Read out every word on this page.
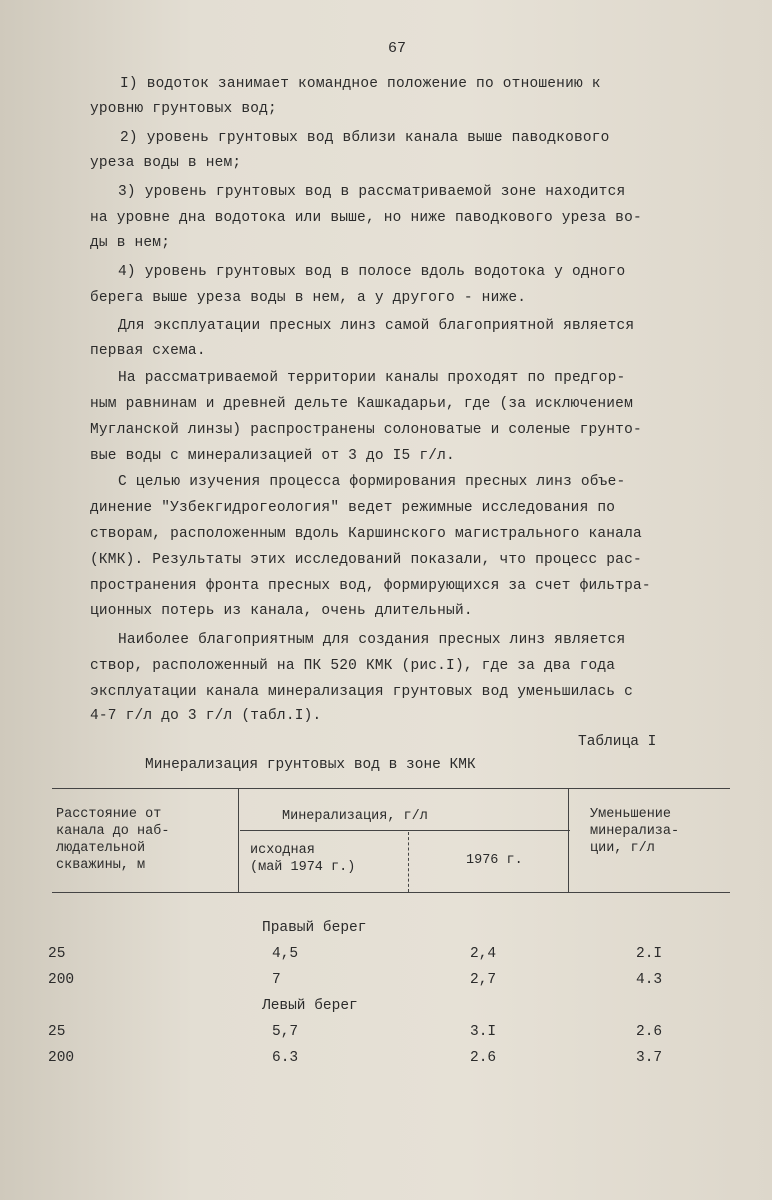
67
I) водоток занимает командное положение по отношению к
уровню грунтовых вод;
2) уровень грунтовых вод вблизи канала выше паводкового
уреза воды в нем;
3) уровень грунтовых вод в рассматриваемой зоне находится
на уровне дна водотока или выше, но ниже паводкового уреза во-
ды в нем;
4) уровень грунтовых вод в полосе вдоль водотока у одного
берега выше уреза воды в нем, а у другого - ниже.
Для эксплуатации пресных линз самой благоприятной является
первая схема.
На рассматриваемой территории каналы проходят по предгор-
ным равнинам и древней дельте Кашкадарьи, где (за исключением
Мугланской линзы) распространены солоноватые и соленые грунто-
вые воды с минерализацией от 3 до I5 г/л.
С целью изучения процесса формирования пресных линз объе-
динение "Узбекгидрогеология" ведет режимные исследования по
створам, расположенным вдоль Каршинского магистрального канала
(КМК). Результаты этих исследований показали, что процесс рас-
пространения фронта пресных вод, формирующихся за счет фильтра-
ционных потерь из канала, очень длительный.
Наиболее благоприятным для создания пресных линз является
створ, расположенный на ПК 520 КМК (рис.I), где за два года
эксплуатации канала минерализация грунтовых вод уменьшилась с
4-7 г/л до 3 г/л (табл.I).
Таблица I
Минерализация грунтовых вод в зоне КМК
Расстояние от
канала до наб-
людательной
скважины, м
Минерализация, г/л
исходная
(май 1974 г.)	1976 г.
Уменьшение
минерализа-
ции, г/л
Правый берег
25	4,5	2,4	2.I
200	7	2,7	4.3
Левый берег
25	5,7	3.I	2.6
200	6.3	2.6	3.7
